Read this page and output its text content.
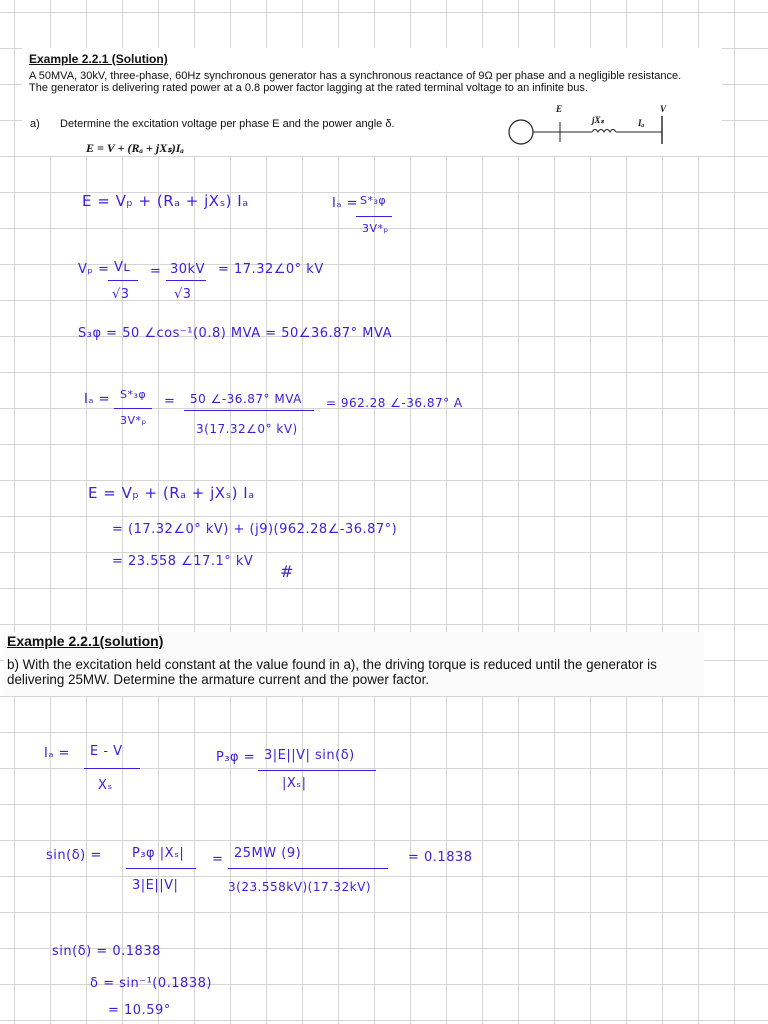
Example 2.2.1 (Solution)
A 50MVA, 30kV, three-phase, 60Hz synchronous generator has a synchronous reactance of 9Ω per phase and a negligible resistance. The generator is delivering rated power at a 0.8 power factor lagging at the rated terminal voltage to an infinite bus.
a) Determine the excitation voltage per phase E and the power angle δ.
E = V + (Rₐ + jXₛ)Iₐ
E
jXₛ	Iₐ
V
E = Vₚ + (Rₐ + jXₛ) Iₐ	Iₐ = S*₃φ
3V*ₚ
Vₚ = Vʟ
√3
= 30kV
√3
= 17.32∠0° kV
S₃φ = 50 ∠cos⁻¹(0.8) MVA = 50∠36.87° MVA
Iₐ = S*₃φ
3V*ₚ
= 50 ∠-36.87° MVA
3(17.32∠0° kV)
= 962.28 ∠-36.87° A
E = Vₚ + (Rₐ + jXₛ) Iₐ
= (17.32∠0° kV) + (j9)(962.28∠-36.87°)
= 23.558 ∠17.1° kV
#
Example 2.2.1(solution)
b) With the excitation held constant at the value found in a), the driving torque is reduced until the generator is delivering 25MW. Determine the armature current and the power factor.
Iₐ = E - V
Xₛ
P₃φ = 3|E||V| sin(δ)
|Xₛ|
sin(δ) = P₃φ |Xₛ|
3|E||V|
= 25MW (9)
3(23.558kV)(17.32kV)
= 0.1838
sin(δ) = 0.1838
δ = sin⁻¹(0.1838)
= 10.59°
